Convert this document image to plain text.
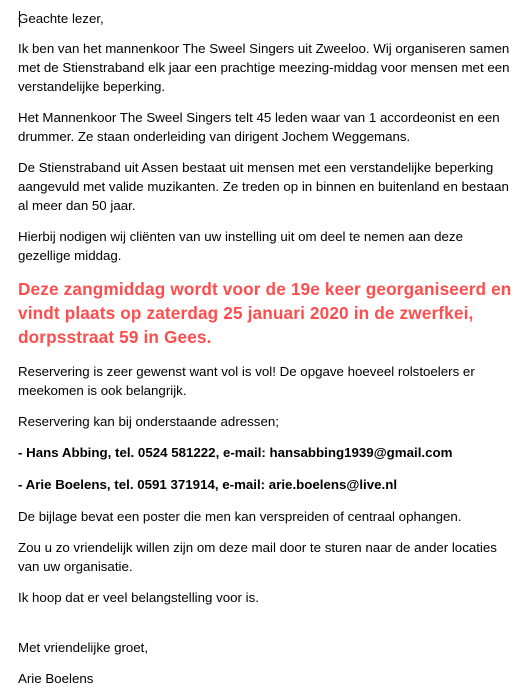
Geachte lezer,

Ik ben van het mannenkoor The Sweel Singers uit Zweeloo. Wij organiseren samen met de Stienstraband elk jaar een prachtige meezing-middag voor mensen met een verstandelijke beperking.

Het Mannenkoor The Sweel Singers telt 45 leden waar van 1 accordeonist en een drummer. Ze staan onderleiding van dirigent Jochem Weggemans.

De Stienstraband uit Assen bestaat uit mensen met een verstandelijke beperking aangevuld met valide muzikanten. Ze treden op in binnen en buitenland en bestaan al meer dan 50 jaar.

Hierbij nodigen wij cliënten van uw instelling uit om deel te nemen aan deze gezellige middag.

Deze zangmiddag wordt voor de 19e keer georganiseerd en vindt plaats op zaterdag 25 januari 2020 in de zwerfkei, dorpsstraat 59 in Gees.

Reservering is zeer gewenst want vol is vol! De opgave hoeveel rolstoelers er meekomen is ook belangrijk.

Reservering kan bij onderstaande adressen;

- Hans Abbing, tel. 0524 581222, e-mail: hansabbing1939@gmail.com

- Arie Boelens, tel. 0591 371914, e-mail: arie.boelens@live.nl

De bijlage bevat een poster die men kan verspreiden of centraal ophangen.

Zou u zo vriendelijk willen zijn om deze mail door te sturen naar de ander locaties van uw organisatie.

Ik hoop dat er veel belangstelling voor is.

Met vriendelijke groet,

Arie Boelens
